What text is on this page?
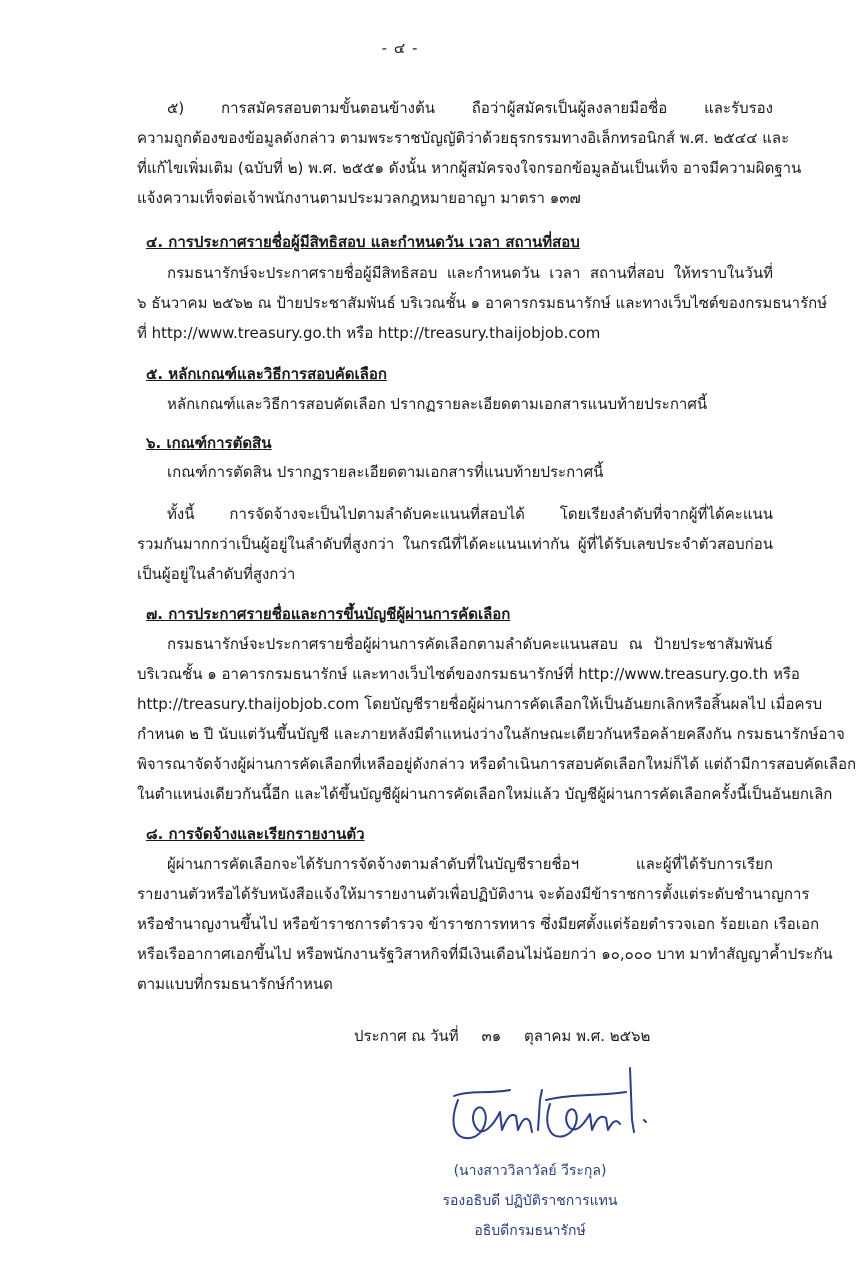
- ๔ -
๕) การสมัครสอบตามขั้นตอนข้างต้น ถือว่าผู้สมัครเป็นผู้ลงลายมือชื่อ และรับรอง
ความถูกต้องของข้อมูลดังกล่าว ตามพระราชบัญญัติว่าด้วยธุรกรรมทางอิเล็กทรอนิกส์ พ.ศ. ๒๕๔๔ และ
ที่แก้ไขเพิ่มเติม (ฉบับที่ ๒) พ.ศ. ๒๕๕๑ ดังนั้น หากผู้สมัครจงใจกรอกข้อมูลอันเป็นเท็จ อาจมีความผิดฐาน
แจ้งความเท็จต่อเจ้าพนักงานตามประมวลกฎหมายอาญา มาตรา ๑๓๗
๔. การประกาศรายชื่อผู้มีสิทธิสอบ และกำหนดวัน เวลา สถานที่สอบ
กรมธนารักษ์จะประกาศรายชื่อผู้มีสิทธิสอบ และกำหนดวัน เวลา สถานที่สอบ ให้ทราบในวันที่
๖ ธันวาคม ๒๕๖๒ ณ ป้ายประชาสัมพันธ์ บริเวณชั้น ๑ อาคารกรมธนารักษ์ และทางเว็บไซต์ของกรมธนารักษ์
ที่ http://www.treasury.go.th หรือ http://treasury.thaijobjob.com
๕. หลักเกณฑ์และวิธีการสอบคัดเลือก
หลักเกณฑ์และวิธีการสอบคัดเลือก ปรากฏรายละเอียดตามเอกสารแนบท้ายประกาศนี้
๖. เกณฑ์การตัดสิน
เกณฑ์การตัดสิน ปรากฏรายละเอียดตามเอกสารที่แนบท้ายประกาศนี้
ทั้งนี้ การจัดจ้างจะเป็นไปตามลำดับคะแนนที่สอบได้ โดยเรียงลำดับที่จากผู้ที่ได้คะแนน
รวมกันมากกว่าเป็นผู้อยู่ในลำดับที่สูงกว่า ในกรณีที่ได้คะแนนเท่ากัน ผู้ที่ได้รับเลขประจำตัวสอบก่อน
เป็นผู้อยู่ในลำดับที่สูงกว่า
๗. การประกาศรายชื่อและการขึ้นบัญชีผู้ผ่านการคัดเลือก
กรมธนารักษ์จะประกาศรายชื่อผู้ผ่านการคัดเลือกตามลำดับคะแนนสอบ ณ ป้ายประชาสัมพันธ์
บริเวณชั้น ๑ อาคารกรมธนารักษ์ และทางเว็บไซต์ของกรมธนารักษ์ที่ http://www.treasury.go.th หรือ
http://treasury.thaijobjob.com โดยบัญชีรายชื่อผู้ผ่านการคัดเลือกให้เป็นอันยกเลิกหรือสิ้นผลไป เมื่อครบ
กำหนด ๒ ปี นับแต่วันขึ้นบัญชี และภายหลังมีตำแหน่งว่างในลักษณะเดียวกันหรือคล้ายคลึงกัน กรมธนารักษ์อาจ
พิจารณาจัดจ้างผู้ผ่านการคัดเลือกที่เหลืออยู่ดังกล่าว หรือดำเนินการสอบคัดเลือกใหม่ก็ได้ แต่ถ้ามีการสอบคัดเลือก
ในตำแหน่งเดียวกันนี้อีก และได้ขึ้นบัญชีผู้ผ่านการคัดเลือกใหม่แล้ว บัญชีผู้ผ่านการคัดเลือกครั้งนี้เป็นอันยกเลิก
๘. การจัดจ้างและเรียกรายงานตัว
ผู้ผ่านการคัดเลือกจะได้รับการจัดจ้างตามลำดับที่ในบัญชีรายชื่อฯ และผู้ที่ได้รับการเรียก
รายงานตัวหรือได้รับหนังสือแจ้งให้มารายงานตัวเพื่อปฏิบัติงาน จะต้องมีข้าราชการตั้งแต่ระดับชำนาญการ
หรือชำนาญงานขึ้นไป หรือข้าราชการตำรวจ ข้าราชการทหาร ซึ่งมียศตั้งแต่ร้อยตำรวจเอก ร้อยเอก เรือเอก
หรือเรืออากาศเอกขึ้นไป หรือพนักงานรัฐวิสาหกิจที่มีเงินเดือนไม่น้อยกว่า ๑๐,๐๐๐ บาท มาทำสัญญาค้ำประกัน
ตามแบบที่กรมธนารักษ์กำหนด
ประกาศ ณ วันที่ ๓๑ ตุลาคม พ.ศ. ๒๕๖๒
(นางสาววิลาวัลย์ วีระกุล)
รองอธิบดี ปฏิบัติราชการแทน
อธิบดีกรมธนารักษ์
